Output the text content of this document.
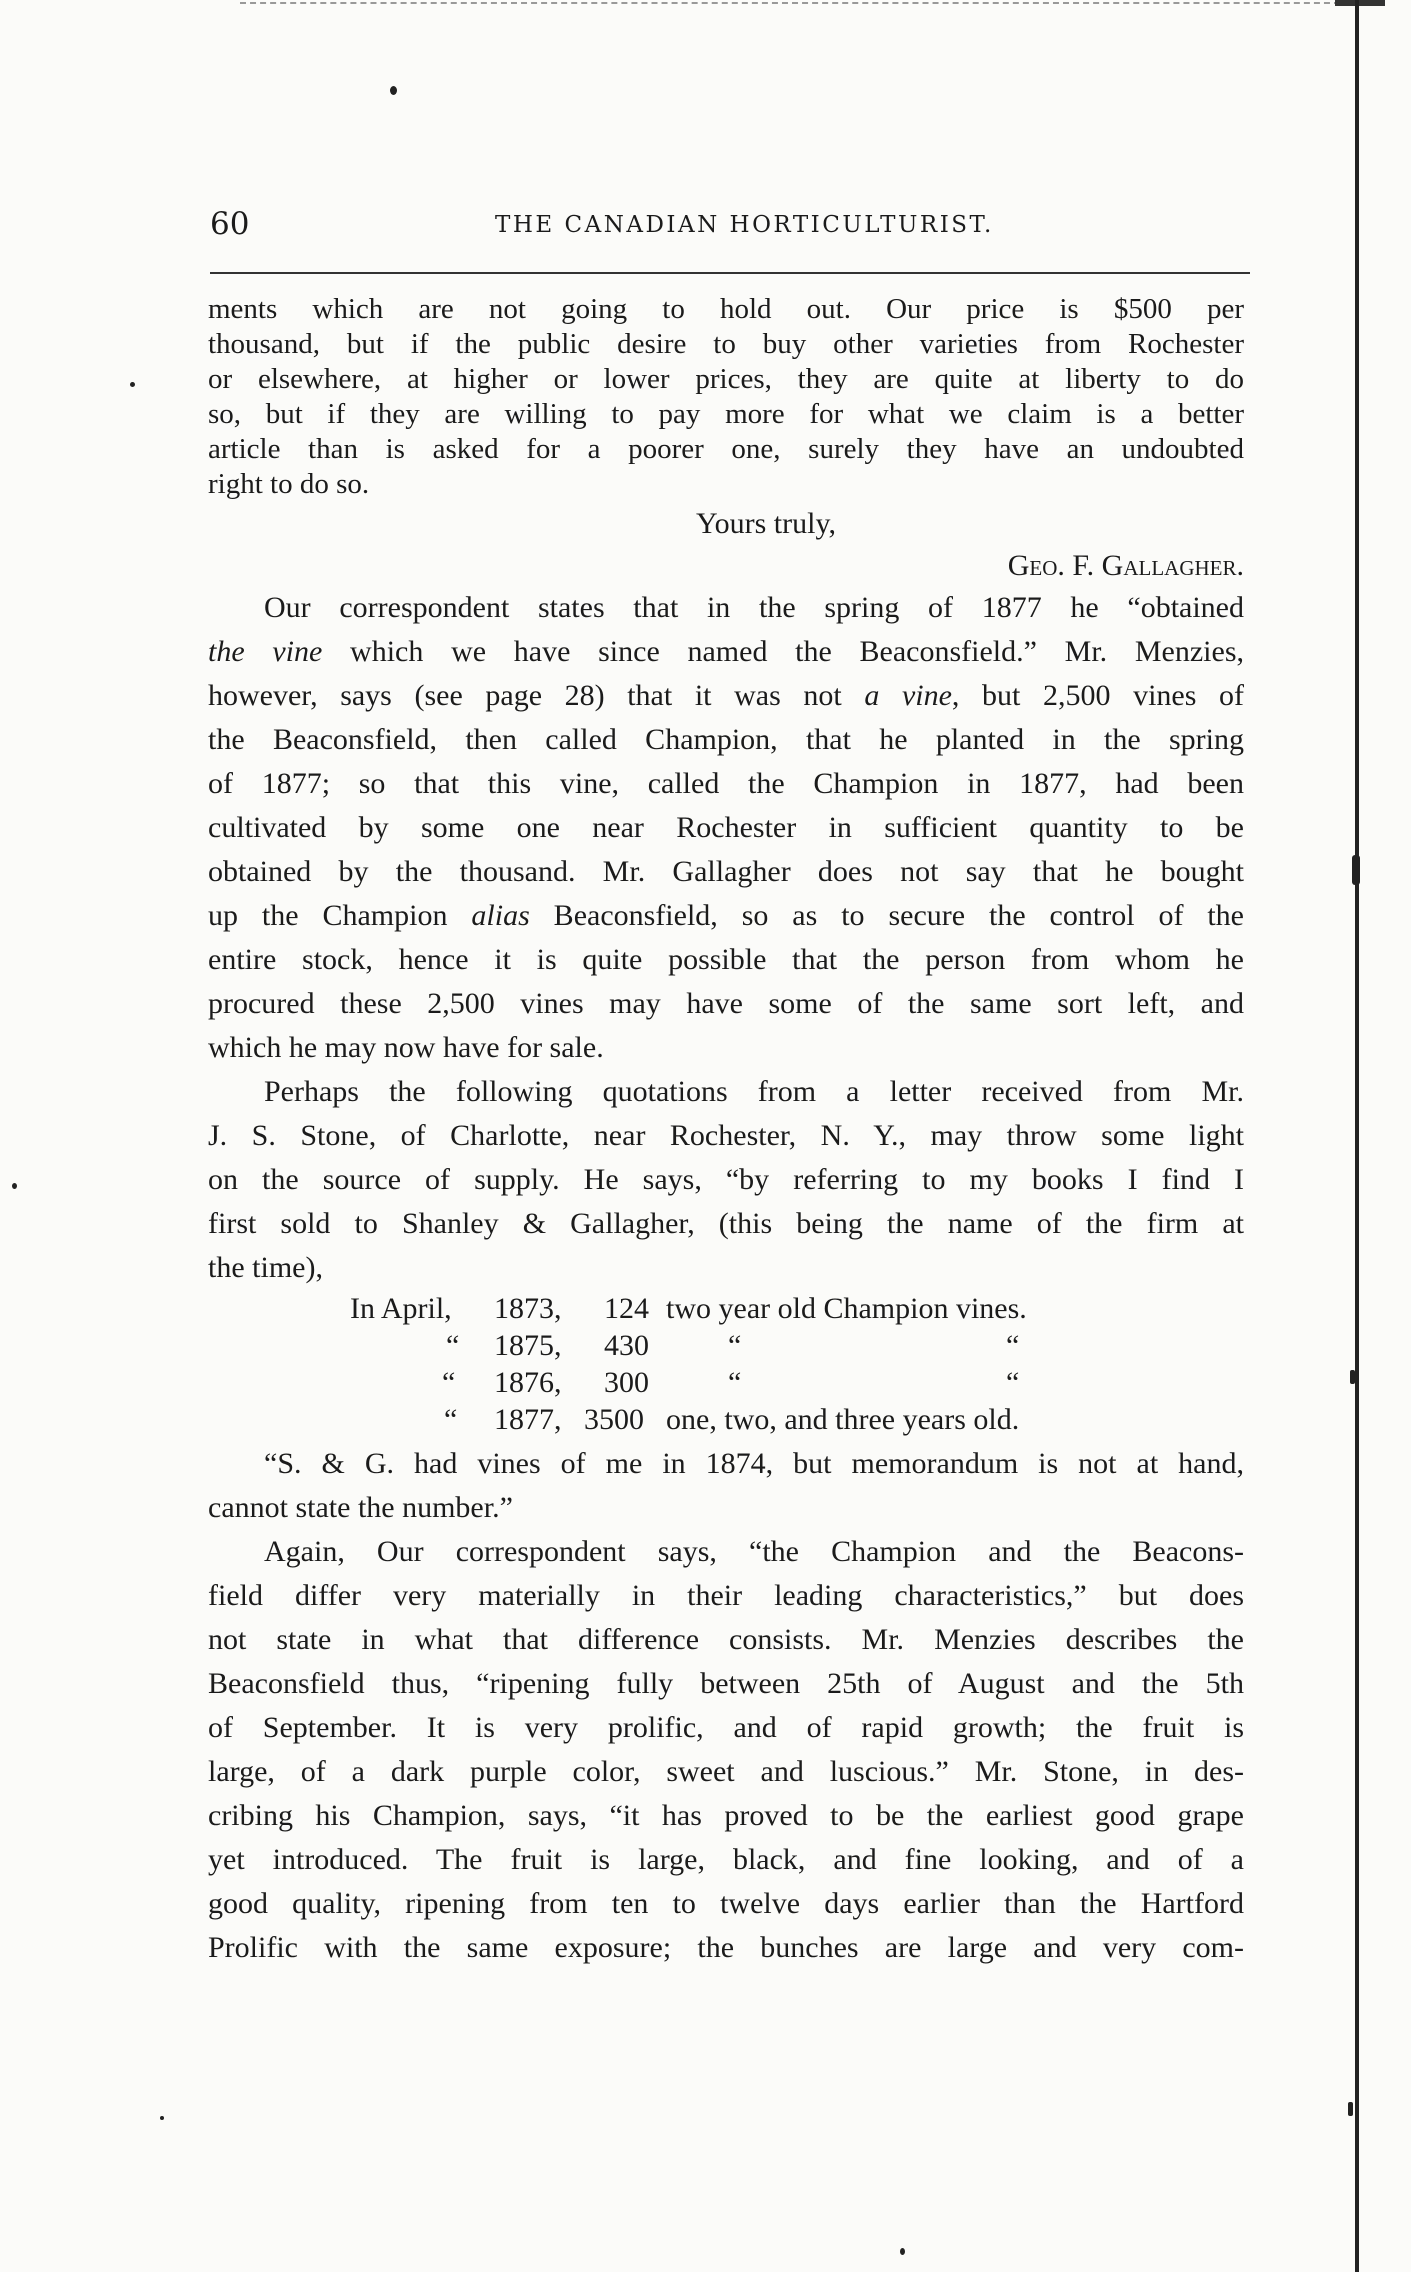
60	THE CANADIAN HORTICULTURIST.
ments which are not going to hold out. Our price is $500 per
thousand, but if the public desire to buy other varieties from Rochester
or elsewhere, at higher or lower prices, they are quite at liberty to do
so, but if they are willing to pay more for what we claim is a better
article than is asked for a poorer one, surely they have an undoubted
right to do so.
Yours truly,
Geo. F. Gallagher.
Our correspondent states that in the spring of 1877 he “obtained
the vine which we have since named the Beaconsfield.” Mr. Menzies,
however, says (see page 28) that it was not a vine, but 2,500 vines of
the Beaconsfield, then called Champion, that he planted in the spring
of 1877; so that this vine, called the Champion in 1877, had been
cultivated by some one near Rochester in sufficient quantity to be
obtained by the thousand. Mr. Gallagher does not say that he bought
up the Champion alias Beaconsfield, so as to secure the control of the
entire stock, hence it is quite possible that the person from whom he
procured these 2,500 vines may have some of the same sort left, and
which he may now have for sale.
Perhaps the following quotations from a letter received from Mr.
J. S. Stone, of Charlotte, near Rochester, N. Y., may throw some light
on the source of supply. He says, “by referring to my books I find I
first sold to Shanley & Gallagher, (this being the name of the firm at
the time),
In April, 1873, 124 two year old Champion vines.
“ 1875, 430	“	“
“ 1876, 300	“	“
“ 1877, 3500 one, two, and three years old.
“S. & G. had vines of me in 1874, but memorandum is not at hand,
cannot state the number.”
Again, Our correspondent says, “the Champion and the Beacons-
field differ very materially in their leading characteristics,” but does
not state in what that difference consists. Mr. Menzies describes the
Beaconsfield thus, “ripening fully between 25th of August and the 5th
of September. It is very prolific, and of rapid growth; the fruit is
large, of a dark purple color, sweet and luscious.” Mr. Stone, in des-
cribing his Champion, says, “it has proved to be the earliest good grape
yet introduced. The fruit is large, black, and fine looking, and of a
good quality, ripening from ten to twelve days earlier than the Hartford
Prolific with the same exposure; the bunches are large and very com-
